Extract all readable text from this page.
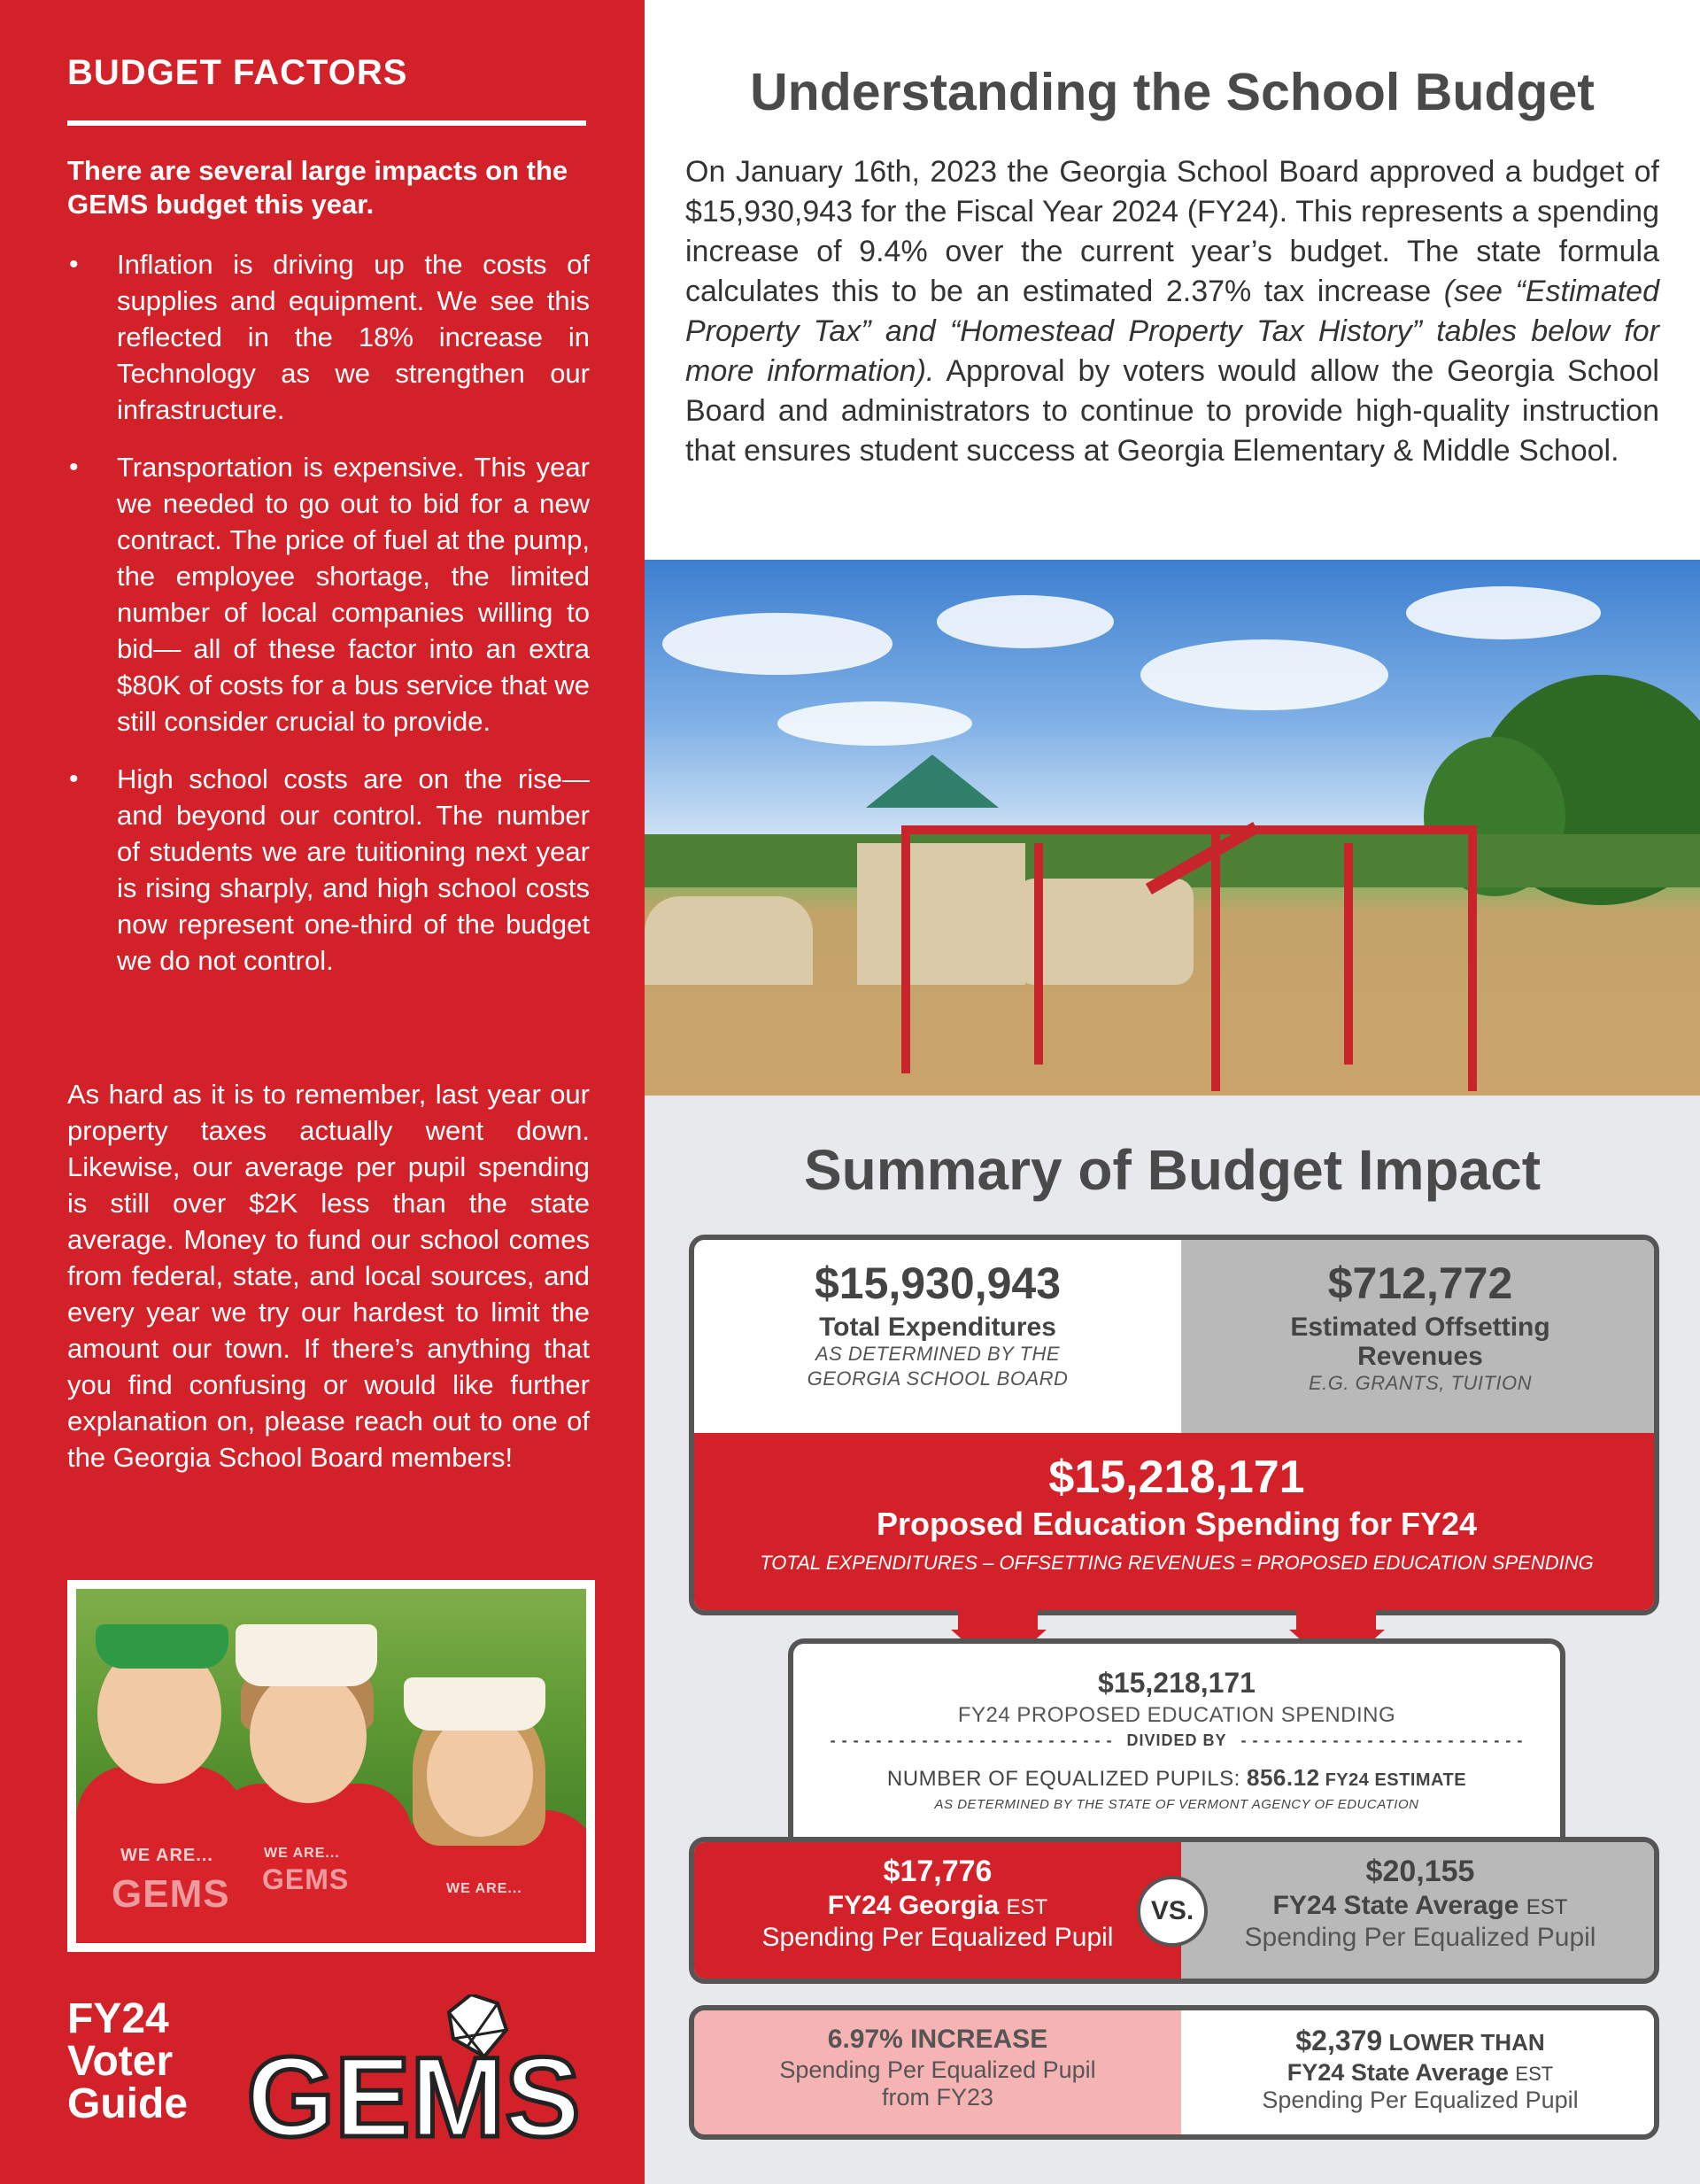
BUDGET FACTORS
There are several large impacts on the GEMS budget this year.
• Inflation is driving up the costs of supplies and equipment. We see this reflected in the 18% increase in Technology as we strengthen our infrastructure.
• Transportation is expensive. This year we needed to go out to bid for a new contract. The price of fuel at the pump, the employee shortage, the limited number of local companies willing to bid— all of these factor into an extra $80K of costs for a bus service that we still consider crucial to provide.
• High school costs are on the rise— and beyond our control. The number of students we are tuitioning next year is rising sharply, and high school costs now represent one-third of the budget we do not control.
As hard as it is to remember, last year our property taxes actually went down. Likewise, our average per pupil spending is still over $2K less than the state average. Money to fund our school comes from federal, state, and local sources, and every year we try our hardest to limit the amount our town. If there’s anything that you find confusing or would like further explanation on, please reach out to one of the Georgia School Board members!
WE ARE...
GEMS
WE ARE...
GEMS	WE ARE...
FY24
Voter
Guide GEMS
Understanding the School Budget
On January 16th, 2023 the Georgia School Board approved a budget of $15,930,943 for the Fiscal Year 2024 (FY24). This represents a spending increase of 9.4% over the current year’s budget. The state formula calculates this to be an estimated 2.37% tax increase (see “Estimated Property Tax” and “Homestead Property Tax History” tables below for more information). Approval by voters would allow the Georgia School Board and administrators to continue to provide high-quality instruction that ensures student success at Georgia Elementary & Middle School.
Summary of Budget Impact
$15,930,943
Total Expenditures
AS DETERMINED BY THE
GEORGIA SCHOOL BOARD
$712,772
Estimated Offsetting
Revenues
E.G. GRANTS, TUITION
$15,218,171
Proposed Education Spending for FY24
TOTAL EXPENDITURES – OFFSETTING REVENUES = PROPOSED EDUCATION SPENDING
$15,218,171
FY24 PROPOSED EDUCATION SPENDING
- - - - - - - - - - - - - - - - - - - - - - - - - DIVIDED BY - - - - - - - - - - - - - - - - - - - - - - - - -
NUMBER OF EQUALIZED PUPILS: 856.12 FY24 ESTIMATE
AS DETERMINED BY THE STATE OF VERMONT AGENCY OF EDUCATION
$17,776
FY24 Georgia EST
Spending Per Equalized Pupil
$20,155
FY24 State Average EST
Spending Per Equalized Pupil
VS.
6.97% INCREASE
Spending Per Equalized Pupil
from FY23
$2,379 LOWER THAN
FY24 State Average EST
Spending Per Equalized Pupil
